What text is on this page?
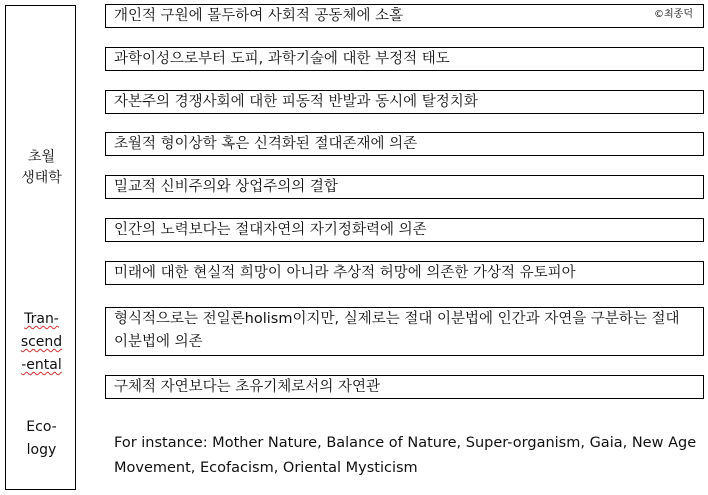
초월
생태학
Tran-
scend
-ental
Eco-
logy
개인적 구원에 몰두하여 사회적 공동체에 소홀	©최종덕
과학이성으로부터 도피, 과학기술에 대한 부정적 태도
자본주의 경쟁사회에 대한 피동적 반발과 동시에 탈정치화
초월적 형이상학 혹은 신격화된 절대존재에 의존
밀교적 신비주의와 상업주의의 결합
인간의 노력보다는 절대자연의 자기정화력에 의존
미래에 대한 현실적 희망이 아니라 추상적 허망에 의존한 가상적 유토피아
형식적으로는 전일론holism이지만, 실제로는 절대 이분법에 인간과 자연을 구분하는 절대 이분법에 의존
구체적 자연보다는 초유기체로서의 자연관
For instance: Mother Nature, Balance of Nature, Super-organism, Gaia, New Age Movement, Ecofacism, Oriental Mysticism
